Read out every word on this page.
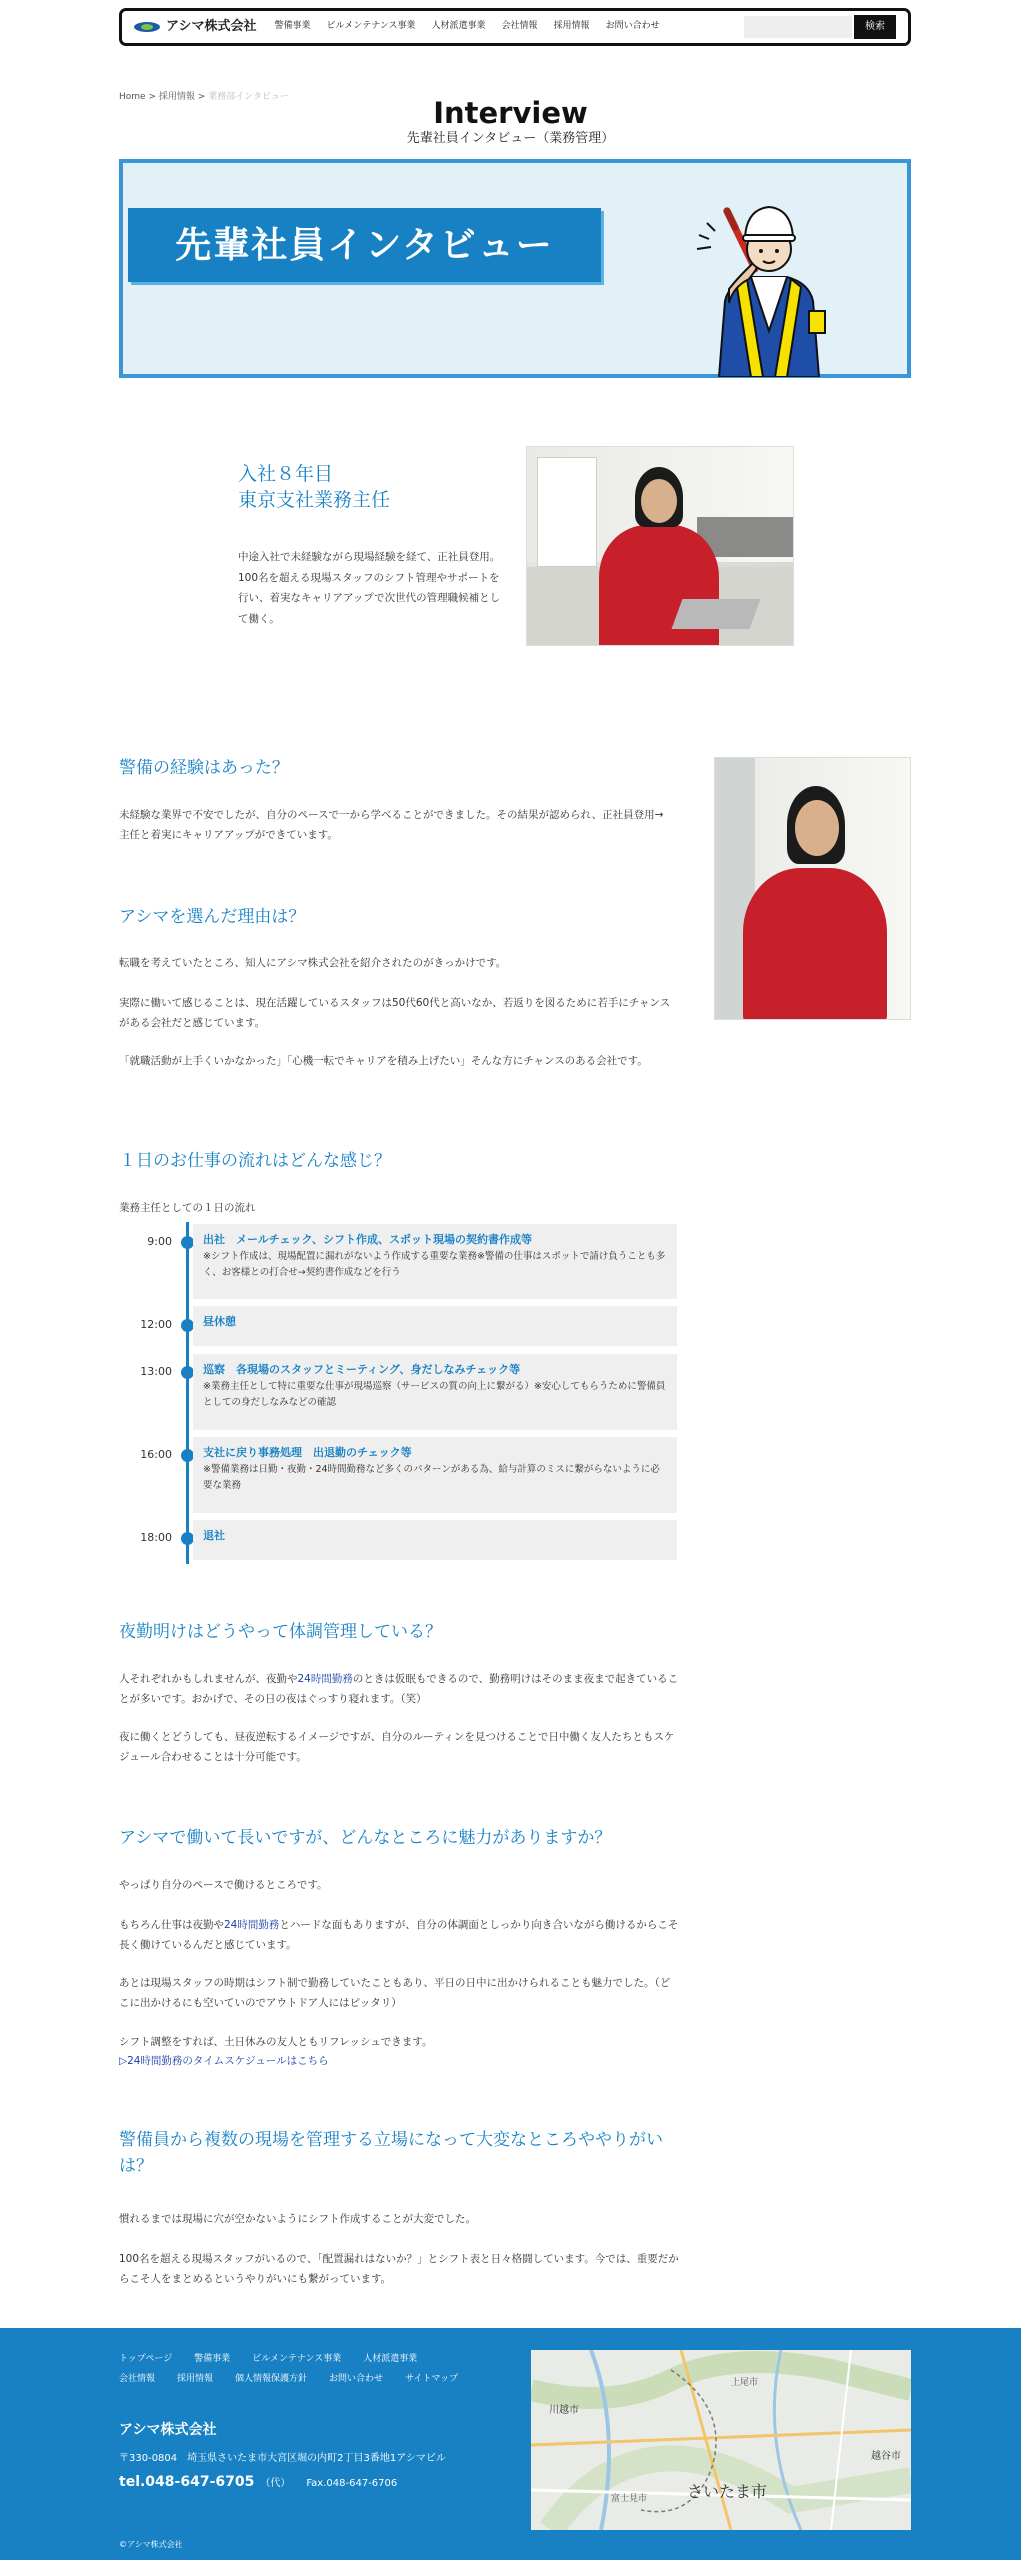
アシマ株式会社 警備事業 ビルメンテナンス事業 人材派遣事業 会社情報 採用情報 お問い合わせ	検索
Home > 採用情報 > 業務部インタビュー	Interview
先輩社員インタビュー（業務管理）
先輩社員インタビュー
入社８年目
東京支社業務主任
中途入社で未経験ながら現場経験を経て、正社員登用。100名を超える現場スタッフのシフト管理やサポートを行い、着実なキャリアアップで次世代の管理職候補として働く。
警備の経験はあった？
未経験な業界で不安でしたが、自分のペースで一から学べることができました。その結果が認められ、正社員登用→主任と着実にキャリアアップができています。
アシマを選んだ理由は？
転職を考えていたところ、知人にアシマ株式会社を紹介されたのがきっかけです。
実際に働いて感じることは、現在活躍しているスタッフは50代60代と高いなか、若返りを図るために若手にチャンスがある会社だと感じています。
「就職活動が上手くいかなかった」「心機一転でキャリアを積み上げたい」そんな方にチャンスのある会社です。
１日のお仕事の流れはどんな感じ？
業務主任としての１日の流れ
9:00	出社　メールチェック、シフト作成、スポット現場の契約書作成等
※シフト作成は、現場配置に漏れがないよう作成する重要な業務※警備の仕事はスポットで請け負うことも多く、お客様との打合せ→契約書作成などを行う
12:00	昼休憩
13:00	巡察　各現場のスタッフとミーティング、身だしなみチェック等
※業務主任として特に重要な仕事が現場巡察（サービスの質の向上に繋がる）※安心してもらうために警備員としての身だしなみなどの確認
16:00	支社に戻り事務処理　出退勤のチェック等
※警備業務は日勤・夜勤・24時間勤務など多くのパターンがある為、給与計算のミスに繋がらないように必要な業務
18:00	退社
夜勤明けはどうやって体調管理している？
人それぞれかもしれませんが、夜勤や24時間勤務のときは仮眠もできるので、勤務明けはそのまま夜まで起きていることが多いです。おかげで、その日の夜はぐっすり寝れます。（笑）
夜に働くとどうしても、昼夜逆転するイメージですが、自分のルーティンを見つけることで日中働く友人たちともスケジュール合わせることは十分可能です。
アシマで働いて長いですが、どんなところに魅力がありますか？
やっぱり自分のペースで働けるところです。
もちろん仕事は夜勤や24時間勤務とハードな面もありますが、自分の体調面としっかり向き合いながら働けるからこそ長く働けているんだと感じています。
あとは現場スタッフの時期はシフト制で勤務していたこともあり、平日の日中に出かけられることも魅力でした。（どこに出かけるにも空いていのでアウトドア人にはピッタリ）
シフト調整をすれば、土日休みの友人ともリフレッシュできます。
▷24時間勤務のタイムスケジュールはこちら
警備員から複数の現場を管理する立場になって大変なところややりがいは？
慣れるまでは現場に穴が空かないようにシフト作成することが大変でした。
100名を超える現場スタッフがいるので、「配置漏れはないか？」とシフト表と日々格闘しています。今では、重要だからこそ人をまとめるというやりがいにも繋がっています。
トップページ 警備事業 ビルメンテナンス事業 人材派遣事業
会社情報 採用情報 個人情報保護方針 お問い合わせ サイトマップ
アシマ株式会社
〒330-0804　埼玉県さいたま市大宮区堀の内町2丁目3番地1アシマビル
tel.048-647-6705 （代） Fax.048-647-6706
©アシマ株式会社
川越市
越谷市
さいたま市
上尾市
富士見市
